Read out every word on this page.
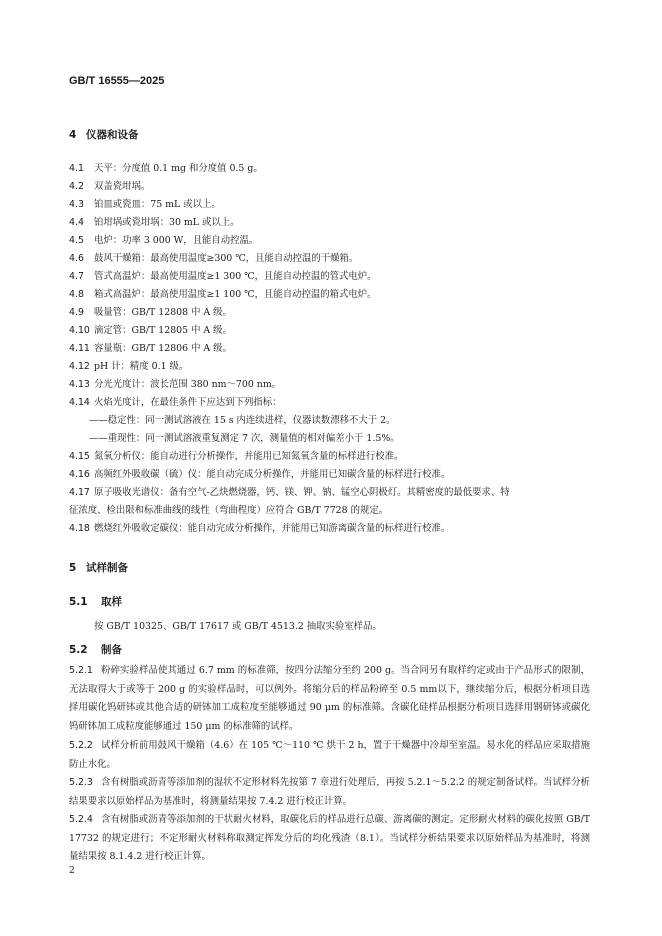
GB/T 16555—2025
4 仪器和设备
4.1 天平：分度值 0.1 mg 和分度值 0.5 g。
4.2 双盖瓷坩埚。
4.3 铂皿或瓷皿：75 mL 或以上。
4.4 铂坩埚或瓷坩埚：30 mL 或以上。
4.5 电炉：功率 3 000 W，且能自动控温。
4.6 鼓风干燥箱：最高使用温度≥300 ℃，且能自动控温的干燥箱。
4.7 管式高温炉：最高使用温度≥1 300 ℃，且能自动控温的管式电炉。
4.8 箱式高温炉：最高使用温度≥1 100 ℃，且能自动控温的箱式电炉。
4.9 吸量管：GB/T 12808 中 A 级。
4.10 滴定管：GB/T 12805 中 A 级。
4.11 容量瓶：GB/T 12806 中 A 级。
4.12 pH 计：精度 0.1 级。
4.13 分光光度计：波长范围 380 nm～700 nm。
4.14 火焰光度计，在最佳条件下应达到下列指标：
——稳定性：同一测试溶液在 15 s 内连续进样，仪器读数漂移不大于 2。
——重现性：同一测试溶液重复测定 7 次，测量值的相对偏差小于 1.5%。
4.15 氮氧分析仪：能自动进行分析操作，并能用已知氮氧含量的标样进行校准。
4.16 高频红外吸收碳（硫）仪：能自动完成分析操作，并能用已知碳含量的标样进行校准。
4.17 原子吸收光谱仪：备有空气-乙炔燃烧器，钙、镁、钾、钠、锰空心阴极灯。其精密度的最低要求、特
征浓度、检出限和标准曲线的线性（弯曲程度）应符合 GB/T 7728 的规定。
4.18 燃烧红外吸收定碳仪：能自动完成分析操作，并能用已知游离碳含量的标样进行校准。
5 试样制备
5.1 取样
按 GB/T 10325、GB/T 17617 或 GB/T 4513.2 抽取实验室样品。
5.2 制备
5.2.1 粉碎实验样品使其通过 6.7 mm 的标准筛，按四分法缩分至约 200 g。当合同另有取样约定或由于产品形式的限制，无法取得大于或等于 200 g 的实验样品时，可以例外。将缩分后的样品粉碎至 0.5 mm以下，继续缩分后，根据分析项目选择用碳化钨研钵或其他合适的研钵加工成粒度至能够通过 90 μm 的标准筛。含碳化硅样品根据分析项目选择用钢研钵或碳化钨研钵加工成粒度能够通过 150 μm 的标准筛的试样。
5.2.2 试样分析前用鼓风干燥箱（4.6）在 105 ℃～110 ℃ 烘干 2 h，置于干燥器中冷却至室温。易水化的样品应采取措施防止水化。
5.2.3 含有树脂或沥青等添加剂的湿状不定形材料先按第 7 章进行处理后，再按 5.2.1～5.2.2 的规定制备试样。当试样分析结果要求以原始样品为基准时，将测量结果按 7.4.2 进行校正计算。
5.2.4 含有树脂或沥青等添加剂的干状耐火材料，取碳化后的样品进行总碳、游离碳的测定。定形耐火材料的碳化按照 GB/T 17732 的规定进行；不定形耐火材料称取测定挥发分后的均化残渣（8.1）。当试样分析结果要求以原始样品为基准时，将测量结果按 8.1.4.2 进行校正计算。
2
